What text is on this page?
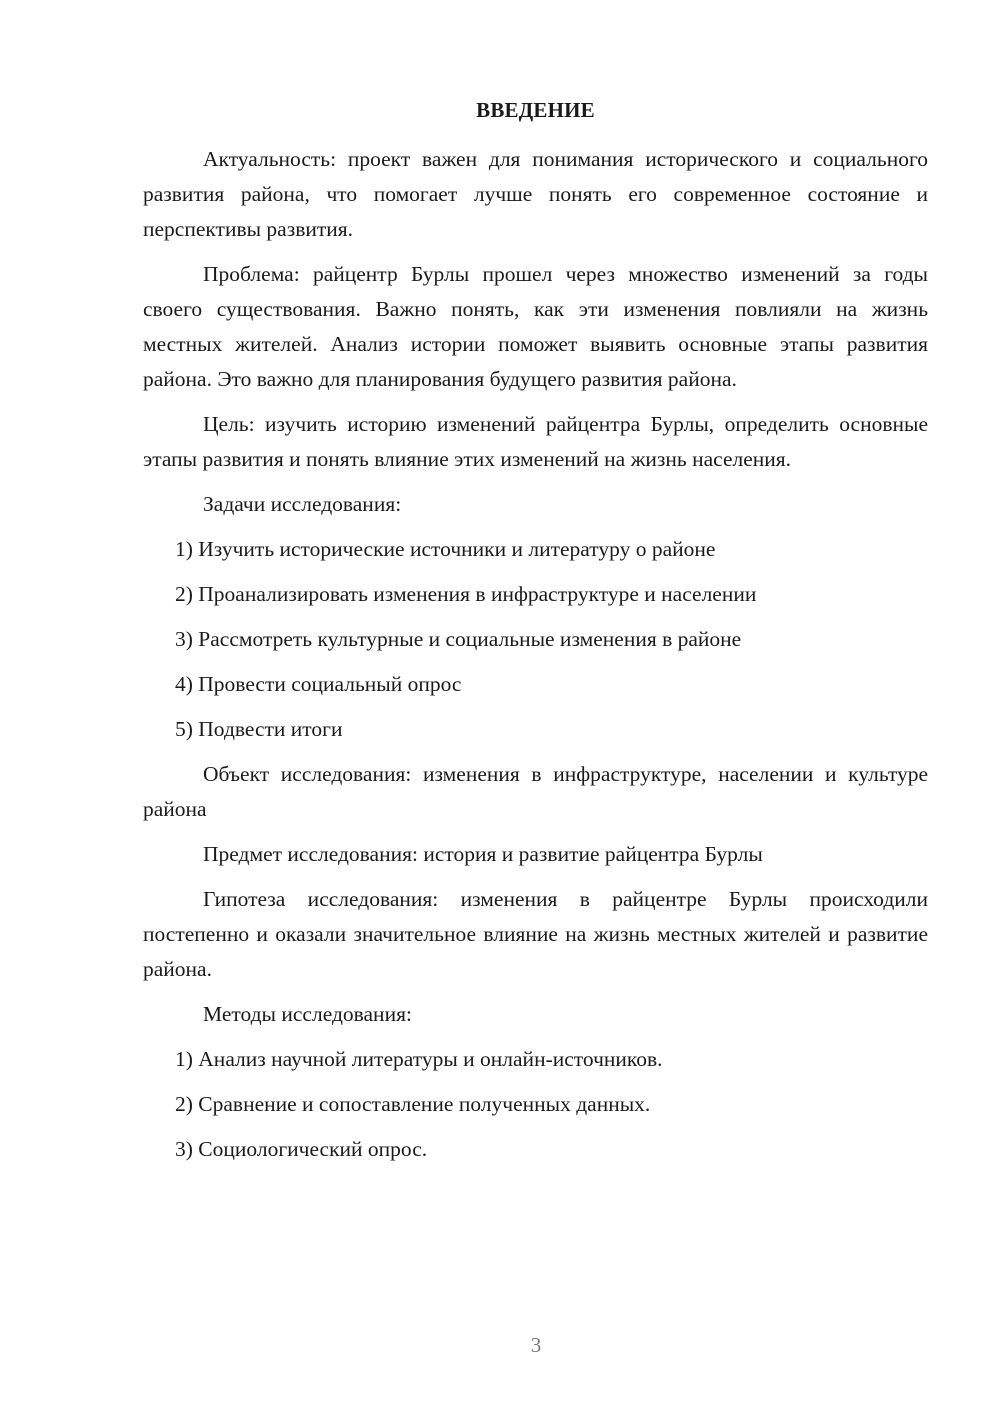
ВВЕДЕНИЕ

Актуальность: проект важен для понимания исторического и социального развития района, что помогает лучше понять его современное состояние и перспективы развития.

Проблема: райцентр Бурлы прошел через множество изменений за годы своего существования. Важно понять, как эти изменения повлияли на жизнь местных жителей. Анализ истории поможет выявить основные этапы развития района. Это важно для планирования будущего развития района.

Цель: изучить историю изменений райцентра Бурлы, определить основные этапы развития и понять влияние этих изменений на жизнь населения.

Задачи исследования:

1) Изучить исторические источники и литературу о районе
2) Проанализировать изменения в инфраструктуре и населении
3) Рассмотреть культурные и социальные изменения в районе
4) Провести социальный опрос
5) Подвести итоги

Объект исследования: изменения в инфраструктуре, населении и культуре района

Предмет исследования: история и развитие райцентра Бурлы

Гипотеза исследования: изменения в райцентре Бурлы происходили постепенно и оказали значительное влияние на жизнь местных жителей и развитие района.

Методы исследования:

1) Анализ научной литературы и онлайн-источников.
2) Сравнение и сопоставление полученных данных.
3) Социологический опрос.
3
